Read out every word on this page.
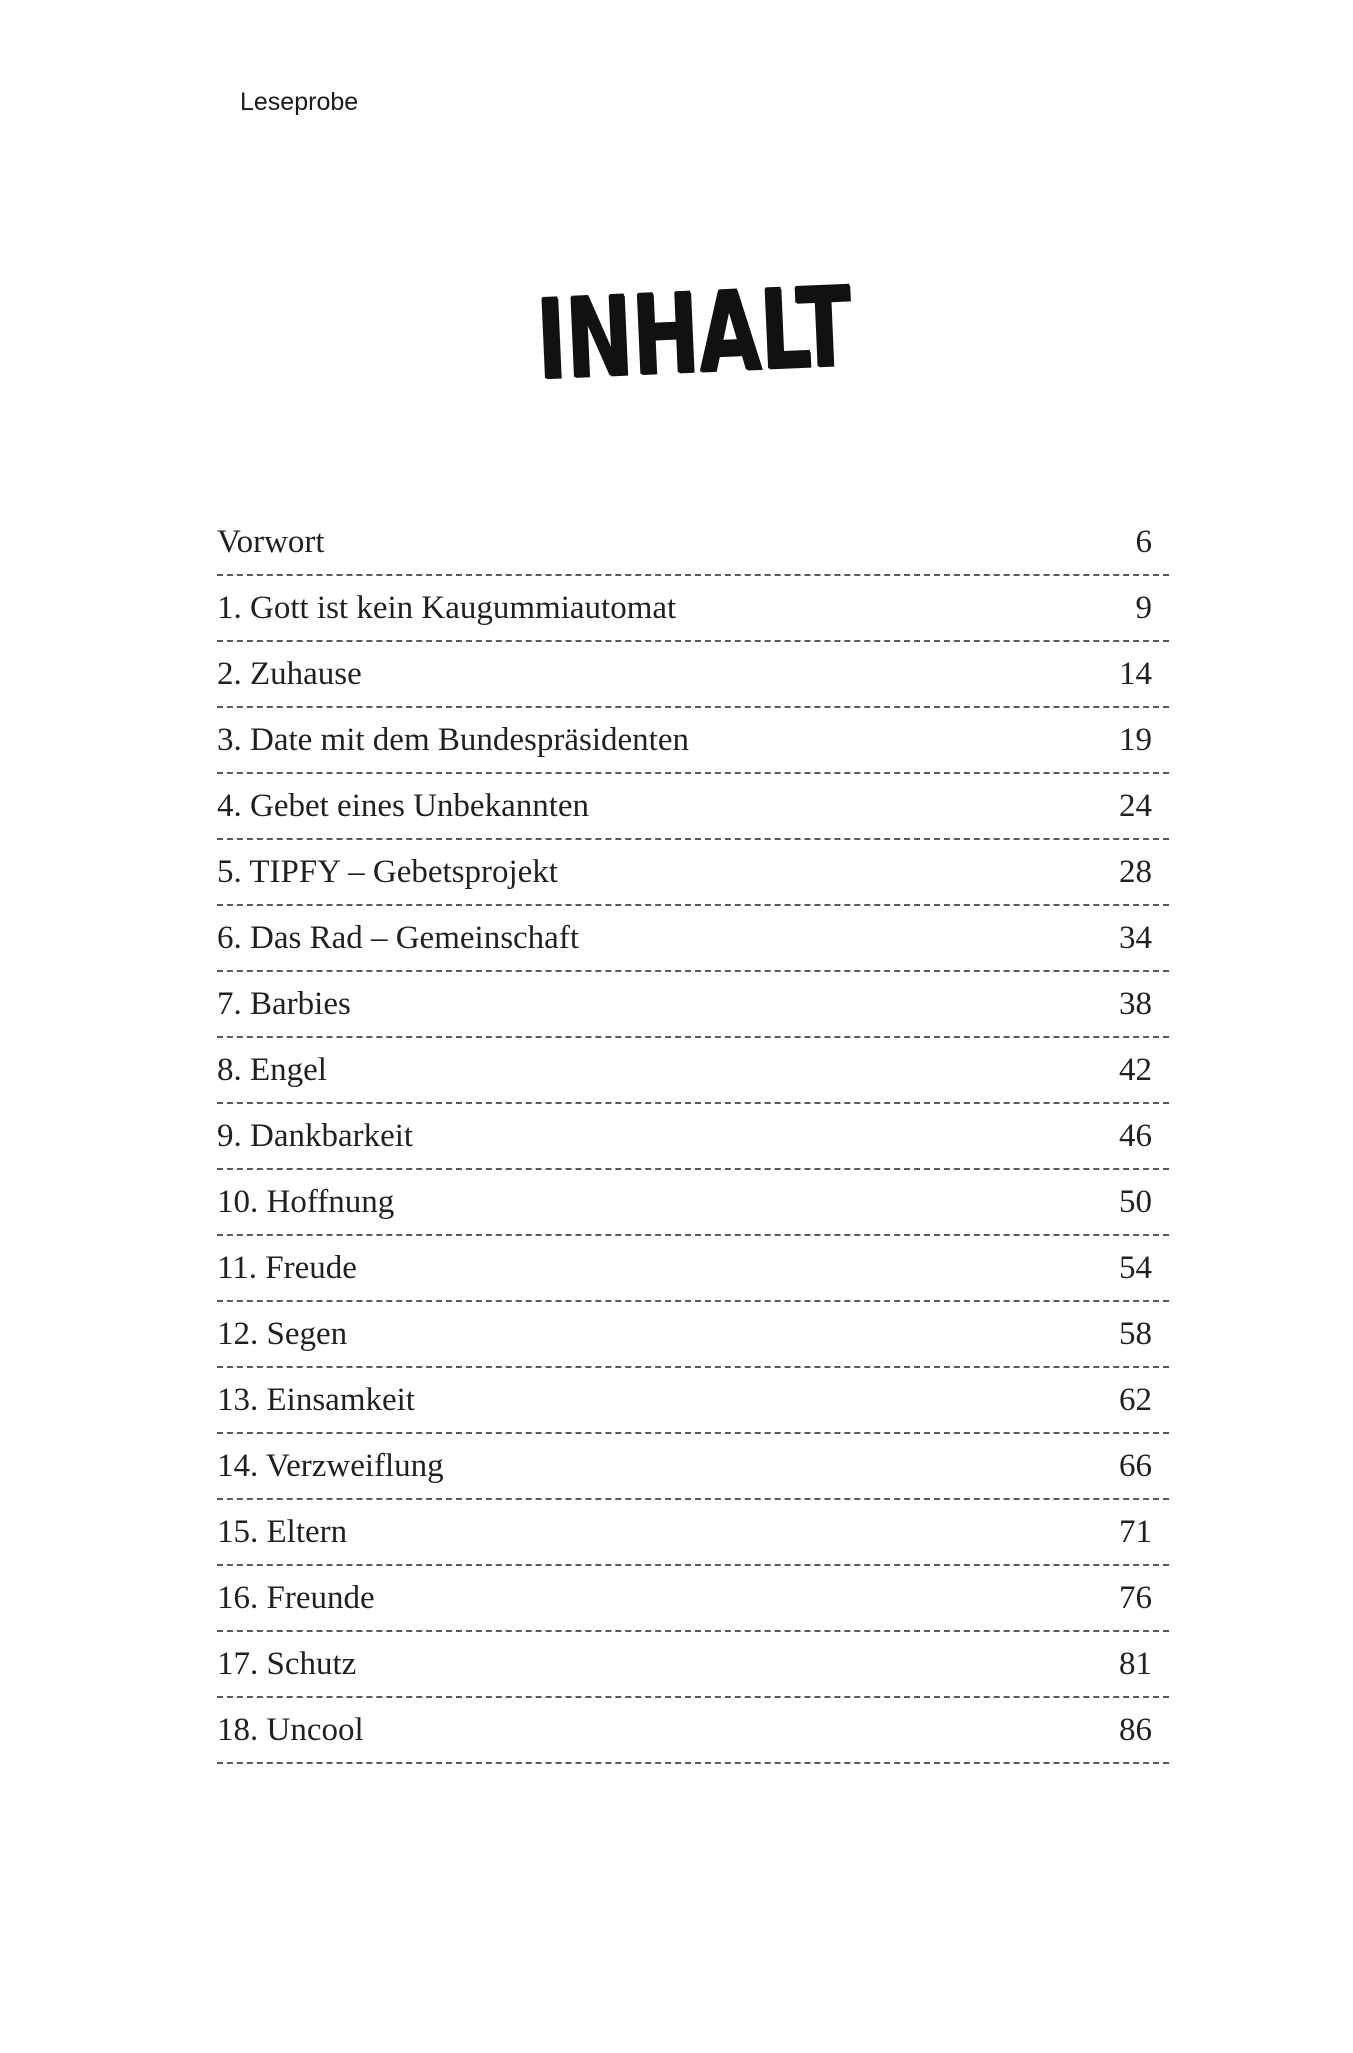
Leseprobe
INHALT
Vorwort	6
1. Gott ist kein Kaugummiautomat	9
2. Zuhause	14
3. Date mit dem Bundespräsidenten	19
4. Gebet eines Unbekannten	24
5. TIPFY – Gebetsprojekt	28
6. Das Rad – Gemeinschaft	34
7. Barbies	38
8. Engel	42
9. Dankbarkeit	46
10. Hoffnung	50
11. Freude	54
12. Segen	58
13. Einsamkeit	62
14. Verzweiflung	66
15. Eltern	71
16. Freunde	76
17. Schutz	81
18. Uncool	86
